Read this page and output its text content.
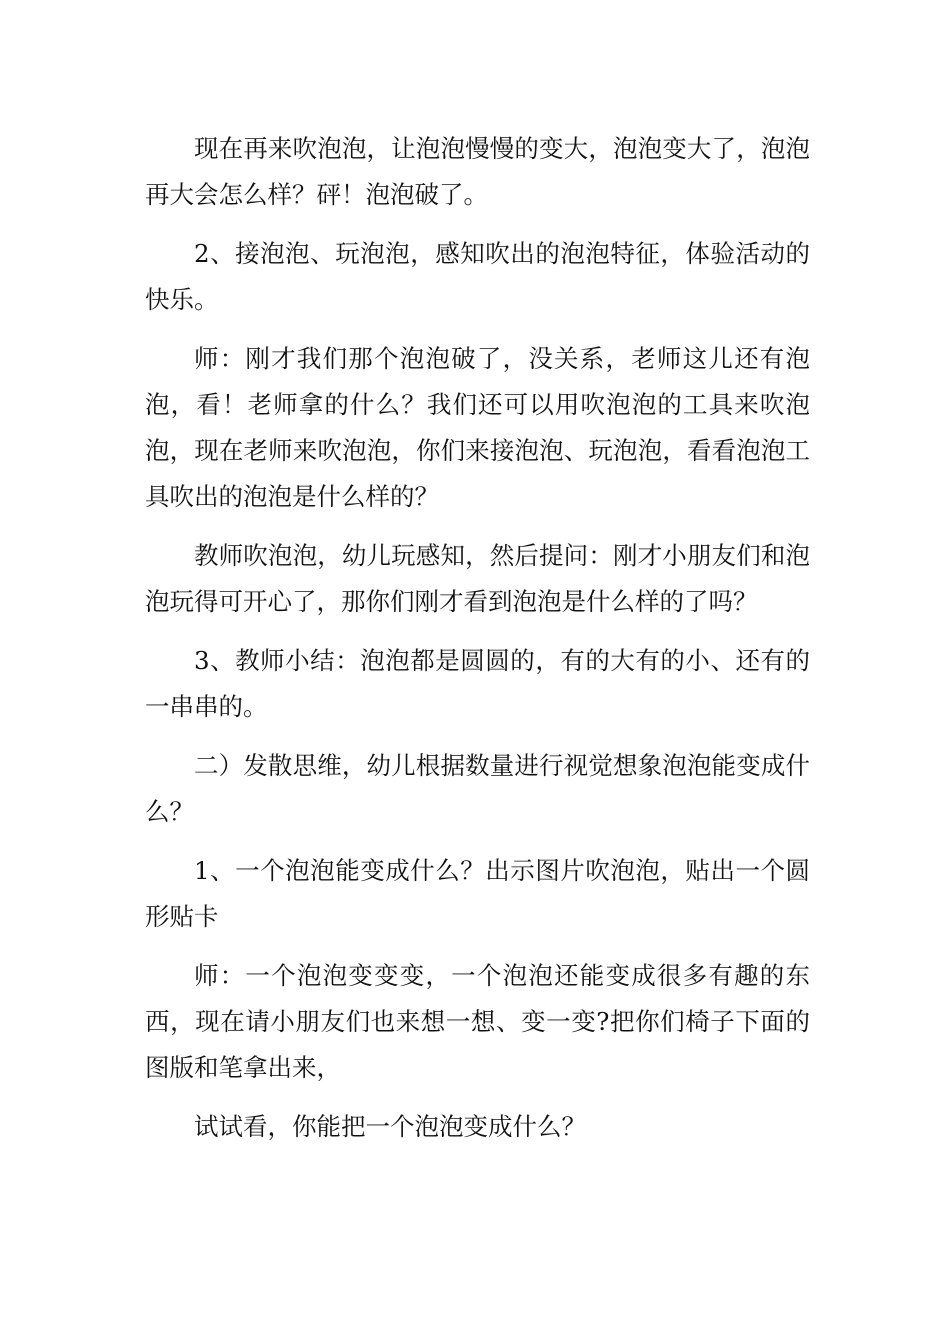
现在再来吹泡泡，让泡泡慢慢的变大，泡泡变大了，泡泡再大会怎么样？砰！泡泡破了。

2、接泡泡、玩泡泡，感知吹出的泡泡特征，体验活动的快乐。

师：刚才我们那个泡泡破了，没关系，老师这儿还有泡泡，看！老师拿的什么？我们还可以用吹泡泡的工具来吹泡泡，现在老师来吹泡泡，你们来接泡泡、玩泡泡，看看泡泡工具吹出的泡泡是什么样的？

教师吹泡泡，幼儿玩感知，然后提问：刚才小朋友们和泡泡玩得可开心了，那你们刚才看到泡泡是什么样的了吗？

3、教师小结：泡泡都是圆圆的，有的大有的小、还有的一串串的。

二）发散思维，幼儿根据数量进行视觉想象泡泡能变成什么？

1、一个泡泡能变成什么？出示图片吹泡泡，贴出一个圆形贴卡

师：一个泡泡变变变，一个泡泡还能变成很多有趣的东西，现在请小朋友们也来想一想、变一变?把你们椅子下面的图版和笔拿出来，

试试看，你能把一个泡泡变成什么？
